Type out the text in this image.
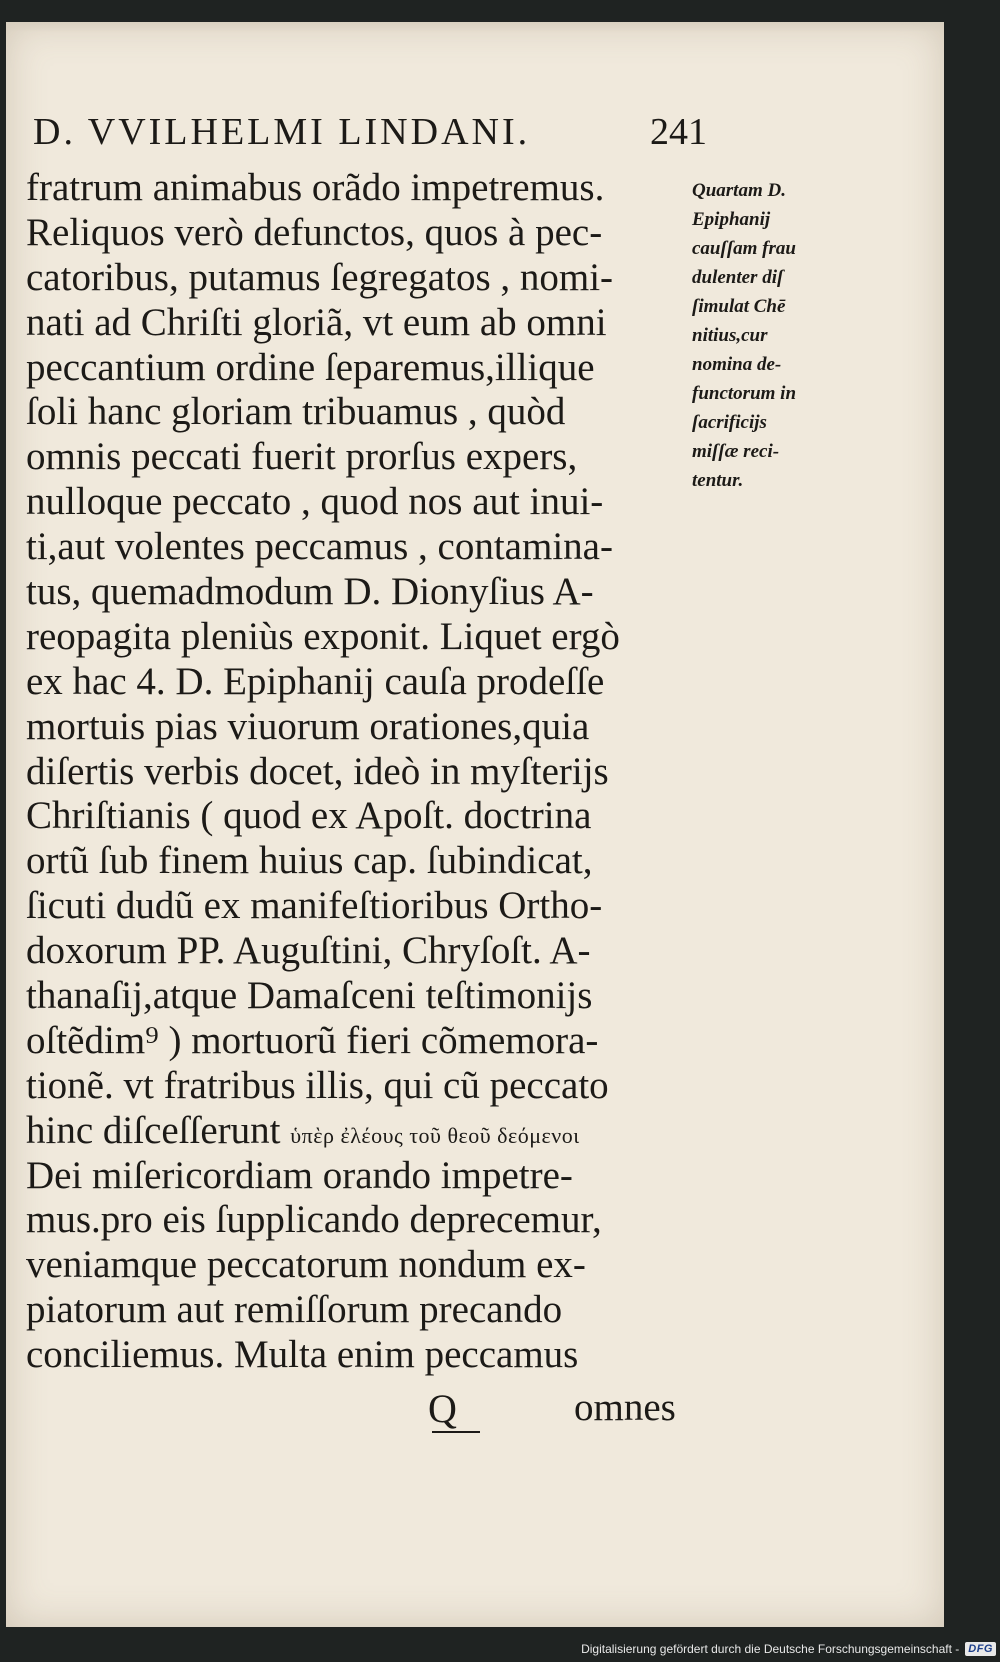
D. VVILHELMI LINDANI.	241
fratrum animabus orãdo impetremus.
Reliquos verò defunctos, quos à pec-
catoribus, putamus ſegregatos , nomi-
nati ad Chriſti gloriã, vt eum ab omni
peccantium ordine ſeparemus,illique
ſoli hanc gloriam tribuamus , quòd
omnis peccati fuerit prorſus expers,
nulloque peccato , quod nos aut inui-
ti,aut volentes peccamus , contamina-
tus, quemadmodum D. Dionyſius A-
reopagita pleniùs exponit. Liquet ergò
ex hac 4. D. Epiphanij cauſa prodeſſe
mortuis pias viuorum orationes,quia
diſertis verbis docet, ideò in myſterijs
Chriſtianis ( quod ex Apoſt. doctrina
ortũ ſub finem huius cap. ſubindicat,
ſicuti dudũ ex manifeſtioribus Ortho-
doxorum PP. Auguſtini, Chryſoſt. A-
thanaſij,atque Damaſceni teſtimonijs
oſtẽdim⁹ ) mortuorũ fieri cõmemora-
tionẽ. vt fratribus illis, qui cũ peccato
hinc diſceſſerunt ὑπὲρ ἐλέους τοῦ θεοῦ δεόμενοι
Dei miſericordiam orando impetre-
mus.pro eis ſupplicando deprecemur,
veniamque peccatorum nondum ex-
piatorum aut remiſſorum precando
conciliemus. Multa enim peccamus
Quartam D.
Epiphanij
cauſſam frau
dulenter diſ
ſimulat Chē
nitius,cur
nomina de-
functorum in
ſacrificijs
miſſæ reci-
tentur.
Q	omnes
Digitalisierung gefördert durch die Deutsche Forschungsgemeinschaft - DFG
